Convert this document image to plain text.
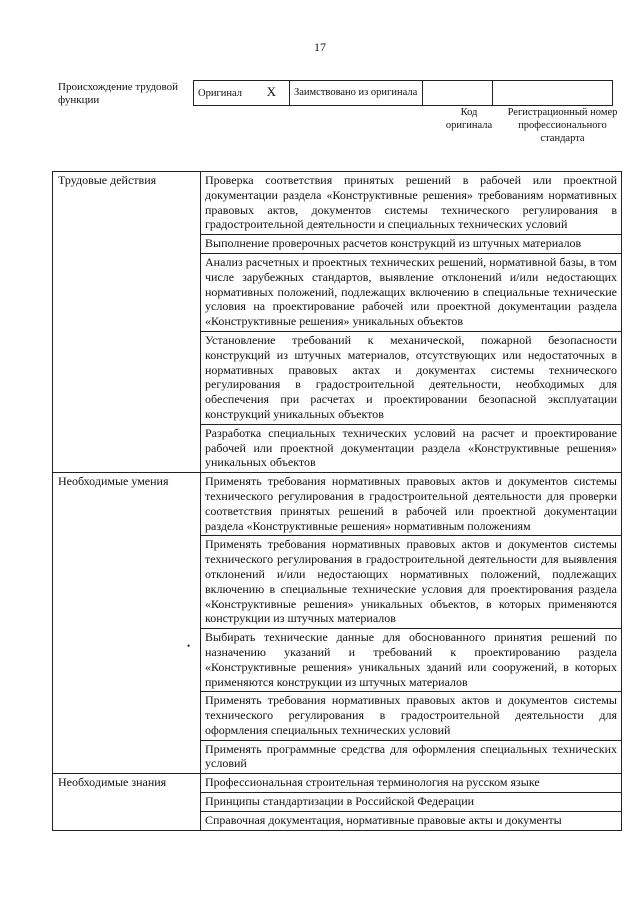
17
Происхождение трудовой функции
Оригинал X	Заимствовано из оригинала		
Код оригинала
Регистрационный номер профессионального стандарта
Трудовые действия	Проверка соответствия принятых решений в рабочей или проектной документации раздела «Конструктивные решения» требованиям нормативных правовых актов, документов системы технического регулирования в градостроительной деятельности и специальных технических условий
	Выполнение проверочных расчетов конструкций из штучных материалов
	Анализ расчетных и проектных технических решений, нормативной базы, в том числе зарубежных стандартов, выявление отклонений и/или недостающих нормативных положений, подлежащих включению в специальные технические условия на проектирование рабочей или проектной документации раздела «Конструктивные решения» уникальных объектов
	Установление требований к механической, пожарной безопасности конструкций из штучных материалов, отсутствующих или недостаточных в нормативных правовых актах и документах системы технического регулирования в градостроительной деятельности, необходимых для обеспечения при расчетах и проектировании безопасной эксплуатации конструкций уникальных объектов
	Разработка специальных технических условий на расчет и проектирование рабочей или проектной документации раздела «Конструктивные решения» уникальных объектов
Необходимые умения	Применять требования нормативных правовых актов и документов системы технического регулирования в градостроительной деятельности для проверки соответствия принятых решений в рабочей или проектной документации раздела «Конструктивные решения» нормативным положениям
	Применять требования нормативных правовых актов и документов системы технического регулирования в градостроительной деятельности для выявления отклонений и/или недостающих нормативных положений, подлежащих включению в специальные технические условия для проектирования раздела «Конструктивные решения» уникальных объектов, в которых применяются конструкции из штучных материалов
	Выбирать технические данные для обоснованного принятия решений по назначению указаний и требований к проектированию раздела «Конструктивные решения» уникальных зданий или сооружений, в которых применяются конструкции из штучных материалов
	Применять требования нормативных правовых актов и документов системы технического регулирования в градостроительной деятельности для оформления специальных технических условий
	Применять программные средства для оформления специальных технических условий
Необходимые знания	Профессиональная строительная терминология на русском языке
	Принципы стандартизации в Российской Федерации
	Справочная документация, нормативные правовые акты и документы
•
